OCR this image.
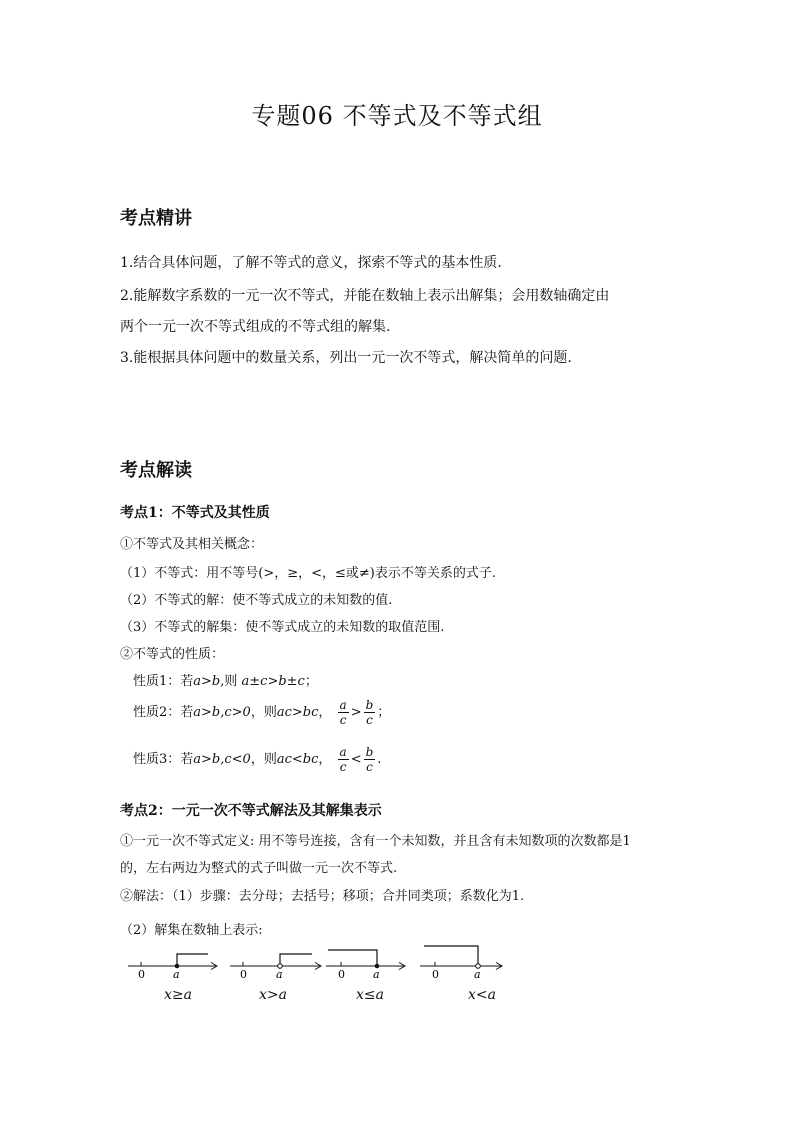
专题06 不等式及不等式组
考点精讲
1.结合具体问题，了解不等式的意义，探索不等式的基本性质.
2.能解数字系数的一元一次不等式，并能在数轴上表示出解集；会用数轴确定由
两个一元一次不等式组成的不等式组的解集.
3.能根据具体问题中的数量关系，列出一元一次不等式，解决简单的问题.
考点解读
考点1：不等式及其性质
①不等式及其相关概念：
（1）不等式：用不等号(>，≥，<，≤或≠)表示不等关系的式子.
（2）不等式的解：使不等式成立的未知数的值.
（3）不等式的解集：使不等式成立的未知数的取值范围.
②不等式的性质：
性质1：若a>b,则 a±c>b±c；
性质2：若a>b,c>0，则ac>bc， $\frac{a}{c} > \frac{b}{c}$ ；
性质3：若a>b,c<0，则ac<bc， $\frac{a}{c} < \frac{b}{c}$ .
考点2：一元一次不等式解法及其解集表示
①一元一次不等式定义: 用不等号连接，含有一个未知数，并且含有未知数项的次数都是1
的，左右两边为整式的式子叫做一元一次不等式.
②解法：（1）步骤：去分母；去括号；移项；合并同类项；系数化为1.
（2）解集在数轴上表示:
0	a
x≥a
0	a
x>a
0	a
x≤a
0	a
x<a
